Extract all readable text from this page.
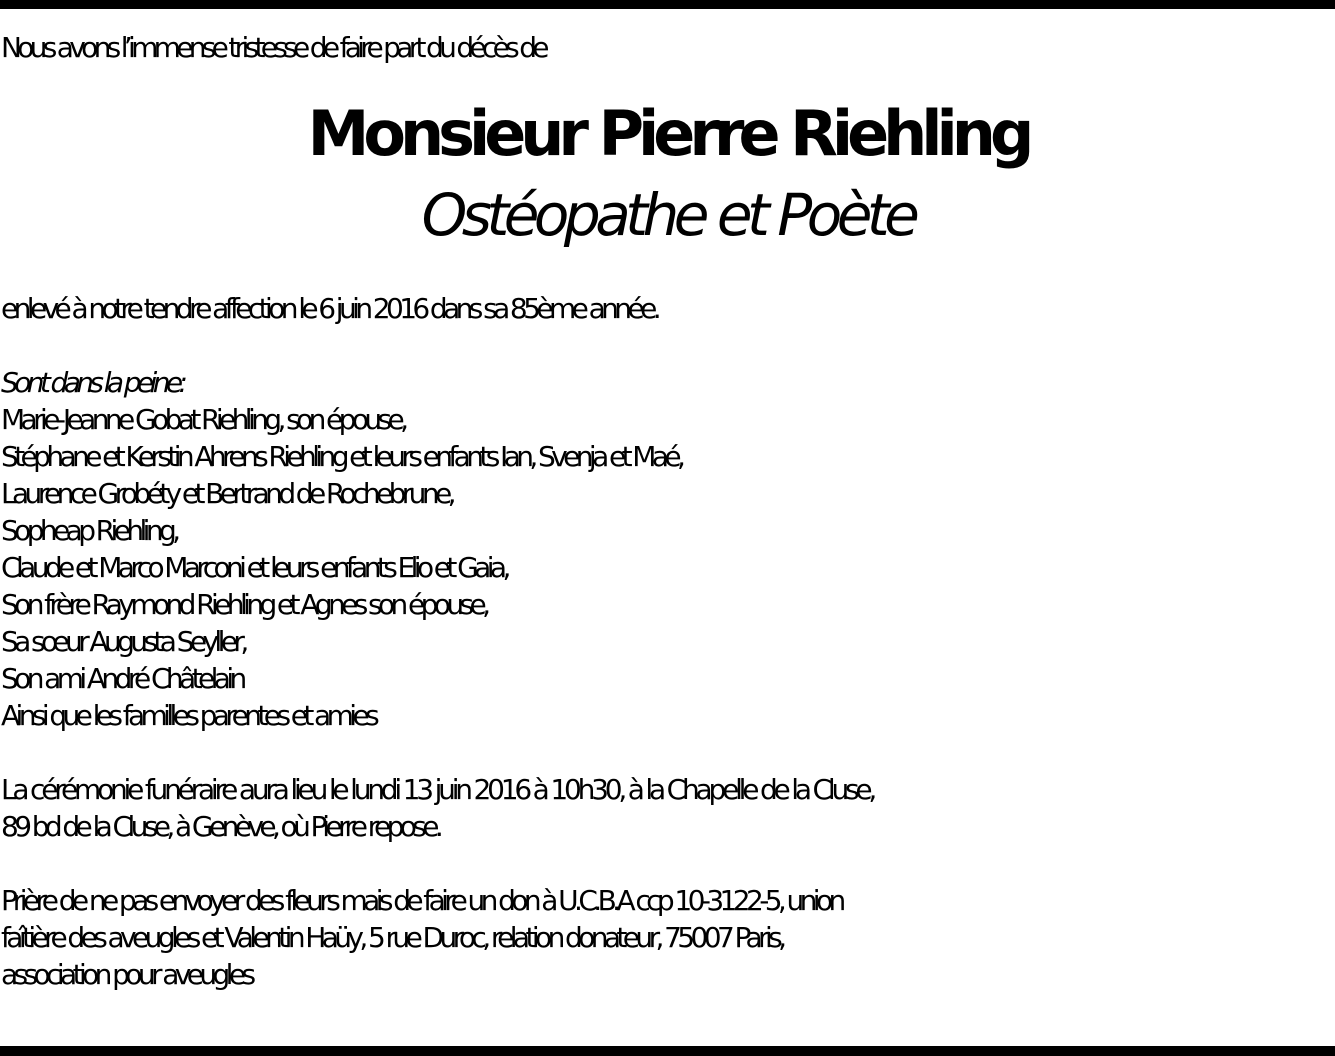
Nous avons l’immense tristesse de faire part du décès de
Monsieur Pierre Riehling
Ostéopathe et Poète
enlevé à notre tendre affection le 6 juin 2016 dans sa 85ème année.
Sont dans la peine:
Marie-Jeanne Gobat Riehling, son épouse,
Stéphane et Kerstin Ahrens Riehling et leurs enfants Ian, Svenja et Maé,
Laurence Grobéty et Bertrand de Rochebrune,
Sopheap Riehling,
Claude et Marco Marconi et leurs enfants Elio et Gaia,
Son frère Raymond Riehling et Agnes son épouse,
Sa sœur Augusta Seyller,
Son ami André Châtelain
Ainsi que les familles parentes et amies
La cérémonie funéraire aura lieu le lundi 13 juin 2016 à 10h30, à la Chapelle de la Cluse,
89 bd de la Cluse, à Genève, où Pierre repose.
Prière de ne pas envoyer des fleurs mais de faire un don à U.C.B.A ccp 10-3122-5, union
faîtière des aveugles et Valentin Haüy, 5 rue Duroc, relation donateur, 75007 Paris,
association pour aveugles
